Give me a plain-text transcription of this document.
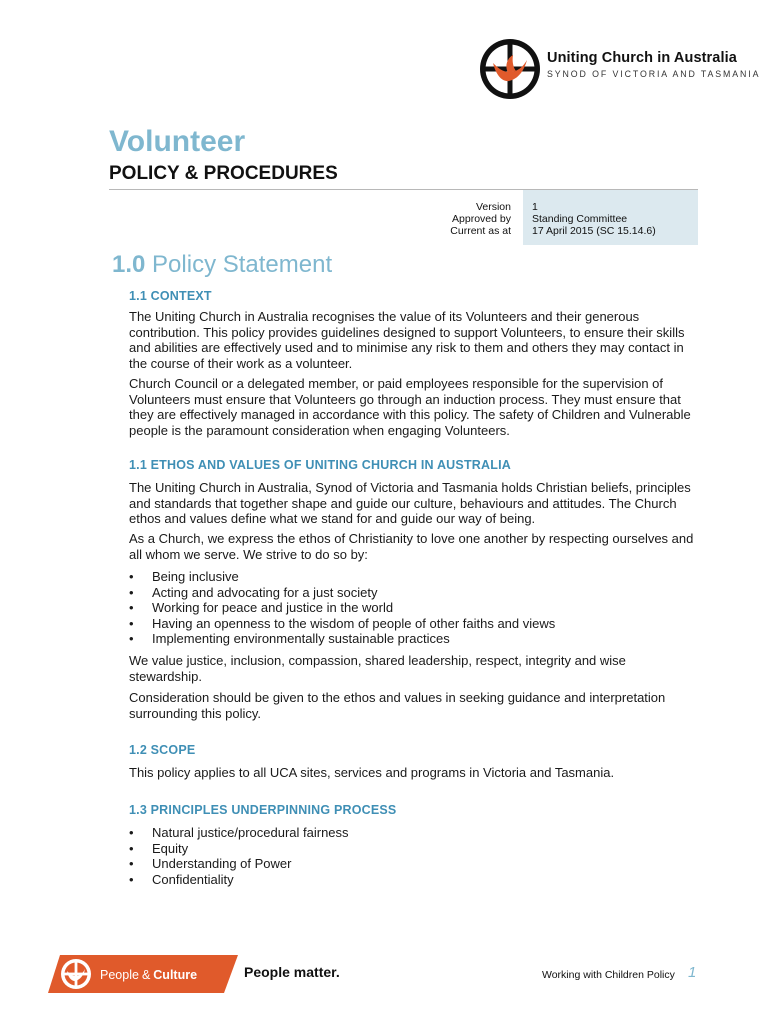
Uniting Church in Australia
SYNOD OF VICTORIA AND TASMANIA
Volunteer
POLICY & PROCEDURES
Version
Approved by
Current as at
1
Standing Committee
17 April 2015 (SC 15.14.6)
1.0 Policy Statement
1.1 CONTEXT

The Uniting Church in Australia recognises the value of its Volunteers and their generous contribution. This policy provides guidelines designed to support Volunteers, to ensure their skills and abilities are effectively used and to minimise any risk to them and others they may contact in the course of their work as a volunteer.

Church Council or a delegated member, or paid employees responsible for the supervision of Volunteers must ensure that Volunteers go through an induction process. They must ensure that they are effectively managed in accordance with this policy. The safety of Children and Vulnerable people is the paramount consideration when engaging Volunteers.

1.1 ETHOS AND VALUES OF UNITING CHURCH IN AUSTRALIA

The Uniting Church in Australia, Synod of Victoria and Tasmania holds Christian beliefs, principles and standards that together shape and guide our culture, behaviours and attitudes. The Church ethos and values define what we stand for and guide our way of being.

As a Church, we express the ethos of Christianity to love one another by respecting ourselves and all whom we serve. We strive to do so by:

• Being inclusive
• Acting and advocating for a just society
• Working for peace and justice in the world
• Having an openness to the wisdom of people of other faiths and views
• Implementing environmentally sustainable practices

We value justice, inclusion, compassion, shared leadership, respect, integrity and wise stewardship.

Consideration should be given to the ethos and values in seeking guidance and interpretation surrounding this policy.

1.2 SCOPE

This policy applies to all UCA sites, services and programs in Victoria and Tasmania.

1.3 PRINCIPLES UNDERPINNING PROCESS
• Natural justice/procedural fairness
• Equity
• Understanding of Power
• Confidentiality
People & Culture	People matter.	Working with Children Policy 1
